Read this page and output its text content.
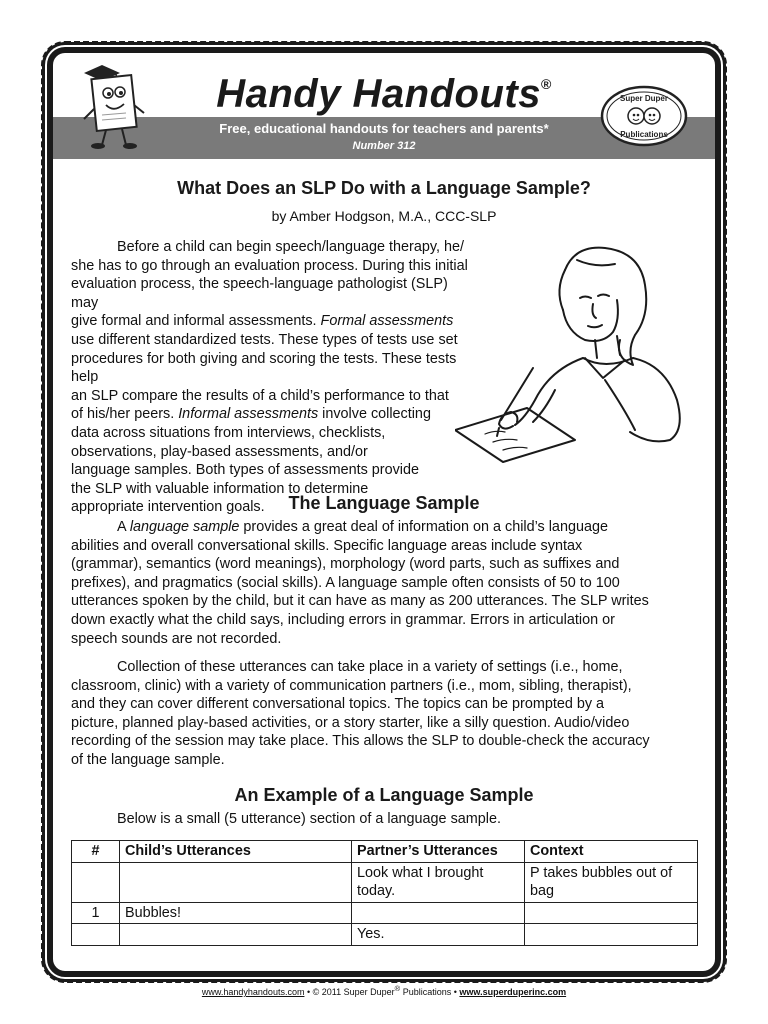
Handy Handouts®
Free, educational handouts for teachers and parents*
Number 312
Super Duper
Publications
What Does an SLP Do with a Language Sample?
by Amber Hodgson, M.A., CCC-SLP
Before a child can begin speech/language therapy, he/
she has to go through an evaluation process. During this initial
evaluation process, the speech-language pathologist (SLP) may
give formal and informal assessments. Formal assessments
use different standardized tests. These types of tests use set
procedures for both giving and scoring the tests. These tests help
an SLP compare the results of a child’s performance to that
of his/her peers. Informal assessments involve collecting
data across situations from interviews, checklists,
observations, play-based assessments, and/or
language samples. Both types of assessments provide
the SLP with valuable information to determine
appropriate intervention goals.	The Language Sample
A language sample provides a great deal of information on a child’s language
abilities and overall conversational skills. Specific language areas include syntax
(grammar), semantics (word meanings), morphology (word parts, such as suffixes and
prefixes), and pragmatics (social skills). A language sample often consists of 50 to 100
utterances spoken by the child, but it can have as many as 200 utterances. The SLP writes
down exactly what the child says, including errors in grammar. Errors in articulation or
speech sounds are not recorded.
Collection of these utterances can take place in a variety of settings (i.e., home,
classroom, clinic) with a variety of communication partners (i.e., mom, sibling, therapist),
and they can cover different conversational topics. The topics can be prompted by a
picture, planned play-based activities, or a story starter, like a silly question. Audio/video
recording of the session may take place. This allows the SLP to double-check the accuracy
of the language sample.
An Example of a Language Sample
Below is a small (5 utterance) section of a language sample.
#	Child’s Utterances	Partner’s Utterances	Context
		Look what I brought today.	P takes bubbles out of bag
1	Bubbles!		
		Yes.	
www.handyhandouts.com • © 2011 Super Duper® Publications • www.superduperinc.com
